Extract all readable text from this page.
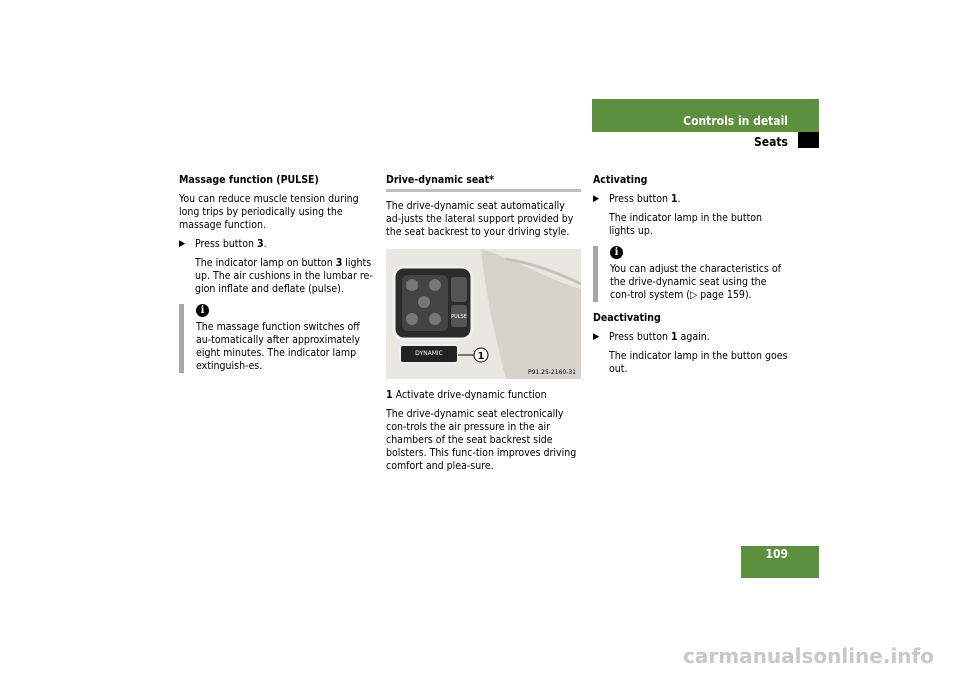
Controls in detail
Seats

Massage function (PULSE)

You can reduce muscle tension during long trips by periodically using the massage function.

▶ Press button 3.
The indicator lamp on button 3 lights up. The air cushions in the lumbar re-gion inflate and deflate (pulse).
i
The massage function switches off au-tomatically after approximately eight minutes. The indicator lamp extinguish-es.
Drive-dynamic seat*

The drive-dynamic seat automatically ad-justs the lateral support provided by the seat backrest to your driving style.

PULSE
DYNAMIC	1
P91.25-2160-31
1 Activate drive-dynamic function

The drive-dynamic seat electronically con-trols the air pressure in the air chambers of the seat backrest side bolsters. This func-tion improves driving comfort and plea-sure.

Activating

▶ Press button 1.
The indicator lamp in the button lights up.
i
You can adjust the characteristics of the drive-dynamic seat using the con-trol system (▷ page 159).

Deactivating

▶ Press button 1 again.
The indicator lamp in the button goes out.
109
carmanualsonline.info
